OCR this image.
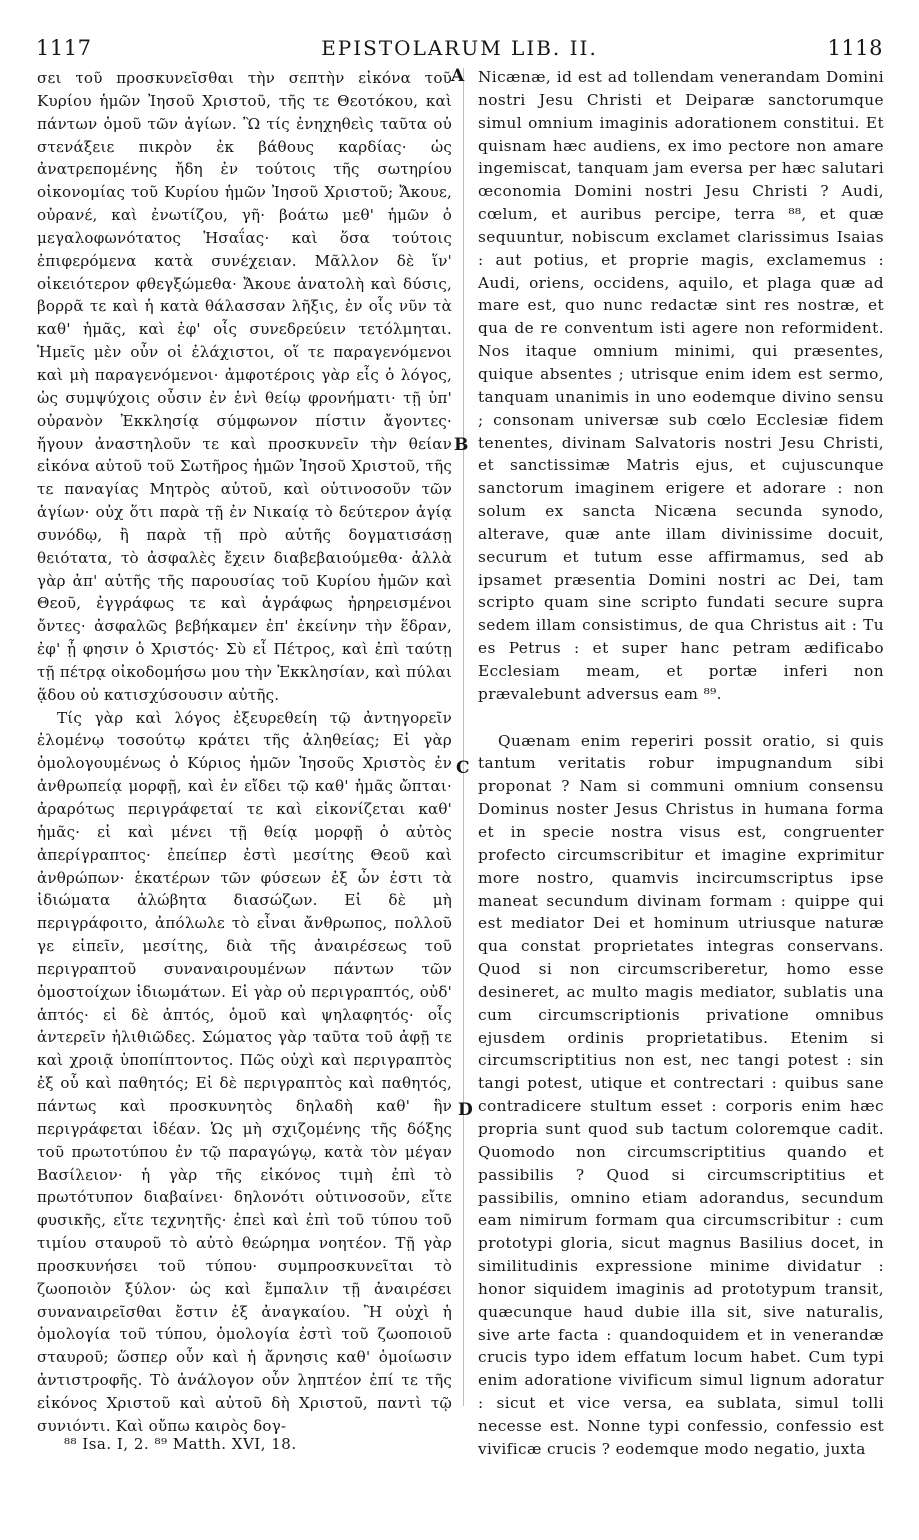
1117	EPISTOLARUM LIB. II.	1118

σει τοῦ προσκυνεῖσθαι τὴν σεπτὴν εἰκόνα τοῦ Κυρίου ἡμῶν Ἰησοῦ Χριστοῦ, τῆς τε Θεοτόκου, καὶ πάντων ὁμοῦ τῶν ἁγίων. Ὢ τίς ἐνηχηθεὶς ταῦτα οὐ στενάξειε πικρὸν ἐκ βάθους καρδίας· ὡς ἀνατρεπομένης ἤδη ἐν τούτοις τῆς σωτηρίου οἰκονομίας τοῦ Κυρίου ἡμῶν Ἰησοῦ Χριστοῦ; Ἄκουε, οὐρανέ, καὶ ἐνωτίζου, γῆ· βοάτω μεθ' ἡμῶν ὁ μεγαλοφωνότατος Ἡσαΐας· καὶ ὅσα τούτοις ἐπιφερόμενα κατὰ συνέχειαν. Μᾶλλον δὲ ἵν' οἰκειότερον φθεγξώμεθα· Ἄκουε ἀνατολὴ καὶ δύσις, βορρᾶ τε καὶ ἡ κατὰ θάλασσαν λῆξις, ἐν οἷς νῦν τὰ καθ' ἡμᾶς, καὶ ἐφ' οἷς συνεδρεύειν τετόλμηται. Ἡμεῖς μὲν οὖν οἱ ἐλάχιστοι, οἵ τε παραγενόμενοι καὶ μὴ παραγενόμενοι· ἀμφοτέροις γὰρ εἷς ὁ λόγος, ὡς συμψύχοις οὖσιν ἐν ἑνὶ θείῳ φρονήματι· τῇ ὑπ' οὐρανὸν Ἐκκλησίᾳ σύμφωνον πίστιν ἄγοντες· ἤγουν ἀναστηλοῦν τε καὶ προσκυνεῖν τὴν θείαν εἰκόνα αὐτοῦ τοῦ Σωτῆρος ἡμῶν Ἰησοῦ Χριστοῦ, τῆς τε παναγίας Μητρὸς αὐτοῦ, καὶ οὑτινοσοῦν τῶν ἁγίων· οὐχ ὅτι παρὰ τῇ ἐν Νικαίᾳ τὸ δεύτερον ἁγίᾳ συνόδῳ, ἢ παρὰ τῇ πρὸ αὐτῆς δογματισάσῃ θειότατα, τὸ ἀσφαλὲς ἔχειν διαβεβαιούμεθα· ἀλλὰ γὰρ ἀπ' αὐτῆς τῆς παρουσίας τοῦ Κυρίου ἡμῶν καὶ Θεοῦ, ἐγγράφως τε καὶ ἀγράφως ἠρηρεισμένοι ὄντες· ἀσφαλῶς βεβήκαμεν ἐπ' ἐκείνην τὴν ἕδραν, ἐφ' ᾗ φησιν ὁ Χριστός· Σὺ εἶ Πέτρος, καὶ ἐπὶ ταύτῃ τῇ πέτρᾳ οἰκοδομήσω μου τὴν Ἐκκλησίαν, καὶ πύλαι ᾅδου οὐ κατισχύσουσιν αὐτῆς.

Τίς γὰρ καὶ λόγος ἐξευρεθείη τῷ ἀντηγορεῖν ἐλομένῳ τοσούτῳ κράτει τῆς ἀληθείας; Εἰ γὰρ ὁμολογουμένως ὁ Κύριος ἡμῶν Ἰησοῦς Χριστὸς ἐν ἀνθρωπείᾳ μορφῇ, καὶ ἐν εἴδει τῷ καθ' ἡμᾶς ὤπται· ἀραρότως περιγράφεταί τε καὶ εἰκονίζεται καθ' ἡμᾶς· εἰ καὶ μένει τῇ θείᾳ μορφῇ ὁ αὐτὸς ἀπερίγραπτος· ἐπείπερ ἐστὶ μεσίτης Θεοῦ καὶ ἀνθρώπων· ἑκατέρων τῶν φύσεων ἐξ ὧν ἐστι τὰ ἰδιώματα ἀλώβητα διασώζων. Εἰ δὲ μὴ περιγράφοιτο, ἀπόλωλε τὸ εἶναι ἄνθρωπος, πολλοῦ γε εἰπεῖν, μεσίτης, διὰ τῆς ἀναιρέσεως τοῦ περιγραπτοῦ συναναιρουμένων πάντων τῶν ὁμοστοίχων ἰδιωμάτων. Εἰ γὰρ οὐ περιγραπτός, οὐδ' ἁπτός· εἰ δὲ ἁπτός, ὁμοῦ καὶ ψηλαφητός· οἷς ἀντερεῖν ἠλιθιῶδες. Σώματος γὰρ ταῦτα τοῦ ἀφῇ τε καὶ χροιᾷ ὑποπίπτοντος. Πῶς οὐχὶ καὶ περιγραπτὸς ἐξ οὗ καὶ παθητός; Εἰ δὲ περιγραπτὸς καὶ παθητός, πάντως καὶ προσκυνητὸς δηλαδὴ καθ' ἣν περιγράφεται ἰδέαν. Ὡς μὴ σχιζομένης τῆς δόξης τοῦ πρωτοτύπου ἐν τῷ παραγώγῳ, κατὰ τὸν μέγαν Βασίλειον· ἡ γὰρ τῆς εἰκόνος τιμὴ ἐπὶ τὸ πρωτότυπον διαβαίνει· δηλονότι οὑτινοσοῦν, εἴτε φυσικῆς, εἴτε τεχνητῆς· ἐπεὶ καὶ ἐπὶ τοῦ τύπου τοῦ τιμίου σταυροῦ τὸ αὐτὸ θεώρημα νοητέον. Τῇ γὰρ προσκυνήσει τοῦ τύπου· συμπροσκυνεῖται τὸ ζωοποιὸν ξύλον· ὡς καὶ ἔμπαλιν τῇ ἀναιρέσει συναναιρεῖσθαι ἔστιν ἐξ ἀναγκαίου. Ἢ οὐχὶ ἡ ὁμολογία τοῦ τύπου, ὁμολογία ἐστὶ τοῦ ζωοποιοῦ σταυροῦ; ὥσπερ οὖν καὶ ἡ ἄρνησις καθ' ὁμοίωσιν ἀντιστροφῆς. Τὸ ἀνάλογον οὖν ληπτέον ἐπί τε τῆς εἰκόνος Χριστοῦ καὶ αὐτοῦ δὴ Χριστοῦ, παντὶ τῷ συνιόντι. Καὶ οὔπω καιρὸς δογ-

A
B
C
D

Nicænæ, id est ad tollendam venerandam Domini nostri Jesu Christi et Deiparæ sanctorumque simul omnium imaginis adorationem constitui. Et quisnam hæc audiens, ex imo pectore non amare ingemiscat, tanquam jam eversa per hæc salutari œconomia Domini nostri Jesu Christi ? Audi, cœlum, et auribus percipe, terra ⁸⁸, et quæ sequuntur, nobiscum exclamet clarissimus Isaias : aut potius, et proprie magis, exclamemus : Audi, oriens, occidens, aquilo, et plaga quæ ad mare est, quo nunc redactæ sint res nostræ, et qua de re conventum isti agere non reformident. Nos itaque omnium minimi, qui præsentes, quique absentes ; utrisque enim idem est sermo, tanquam unanimis in uno eodemque divino sensu ; consonam universæ sub cœlo Ecclesiæ fidem tenentes, divinam Salvatoris nostri Jesu Christi, et sanctissimæ Matris ejus, et cujuscunque sanctorum imaginem erigere et adorare : non solum ex sancta Nicæna secunda synodo, alterave, quæ ante illam divinissime docuit, securum et tutum esse affirmamus, sed ab ipsamet præsentia Domini nostri ac Dei, tam scripto quam sine scripto fundati secure supra sedem illam consistimus, de qua Christus ait : Tu es Petrus : et super hanc petram ædificabo Ecclesiam meam, et portæ inferi non prævalebunt adversus eam ⁸⁹.

Quænam enim reperiri possit oratio, si quis tantum veritatis robur impugnandum sibi proponat ? Nam si communi omnium consensu Dominus noster Jesus Christus in humana forma et in specie nostra visus est, congruenter profecto circumscribitur et imagine exprimitur more nostro, quamvis incircumscriptus ipse maneat secundum divinam formam : quippe qui est mediator Dei et hominum utriusque naturæ qua constat proprietates integras conservans. Quod si non circumscriberetur, homo esse desineret, ac multo magis mediator, sublatis una cum circumscriptionis privatione omnibus ejusdem ordinis proprietatibus. Etenim si circumscriptitius non est, nec tangi potest : sin tangi potest, utique et contrectari : quibus sane contradicere stultum esset : corporis enim hæc propria sunt quod sub tactum coloremque cadit. Quomodo non circumscriptitius quando et passibilis ? Quod si circumscriptitius et passibilis, omnino etiam adorandus, secundum eam nimirum formam qua circumscribitur : cum prototypi gloria, sicut magnus Basilius docet, in similitudinis expressione minime dividatur : honor siquidem imaginis ad prototypum transit, quæcunque haud dubie illa sit, sive naturalis, sive arte facta : quandoquidem et in venerandæ crucis typo idem effatum locum habet. Cum typi enim adoratione vivificum simul lignum adoratur : sicut et vice versa, ea sublata, simul tolli necesse est. Nonne typi confessio, confessio est vivificæ crucis ? eodemque modo negatio, juxta

⁸⁸ Isa. I, 2. ⁸⁹ Matth. XVI, 18.
